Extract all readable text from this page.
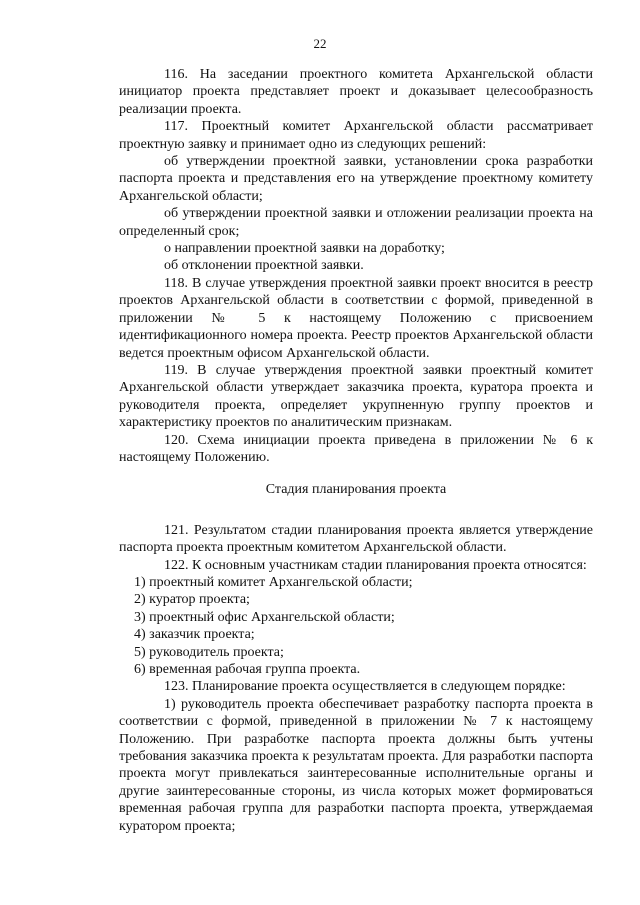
22

116. На заседании проектного комитета Архангельской области инициатор проекта представляет проект и доказывает целесообразность реализации проекта.

117. Проектный комитет Архангельской области рассматривает проектную заявку и принимает одно из следующих решений:

об утверждении проектной заявки, установлении срока разработки паспорта проекта и представления его на утверждение проектному комитету Архангельской области;

об утверждении проектной заявки и отложении реализации проекта на определенный срок;

о направлении проектной заявки на доработку;

об отклонении проектной заявки.

118. В случае утверждения проектной заявки проект вносится в реестр проектов Архангельской области в соответствии с формой, приведенной в приложении № 5 к настоящему Положению с присвоением идентификационного номера проекта. Реестр проектов Архангельской области ведется проектным офисом Архангельской области.

119. В случае утверждения проектной заявки проектный комитет Архангельской области утверждает заказчика проекта, куратора проекта и руководителя проекта, определяет укрупненную группу проектов и характеристику проектов по аналитическим признакам.

120. Схема инициации проекта приведена в приложении № 6 к настоящему Положению.

Стадия планирования проекта

121. Результатом стадии планирования проекта является утверждение паспорта проекта проектным комитетом Архангельской области.

122. К основным участникам стадии планирования проекта относятся:

1) проектный комитет Архангельской области;

2) куратор проекта;

3) проектный офис Архангельской области;

4) заказчик проекта;

5) руководитель проекта;

6) временная рабочая группа проекта.

123. Планирование проекта осуществляется в следующем порядке:

1) руководитель проекта обеспечивает разработку паспорта проекта в соответствии с формой, приведенной в приложении № 7 к настоящему Положению. При разработке паспорта проекта должны быть учтены требования заказчика проекта к результатам проекта. Для разработки паспорта проекта могут привлекаться заинтересованные исполнительные органы и другие заинтересованные стороны, из числа которых может формироваться временная рабочая группа для разработки паспорта проекта, утверждаемая куратором проекта;
